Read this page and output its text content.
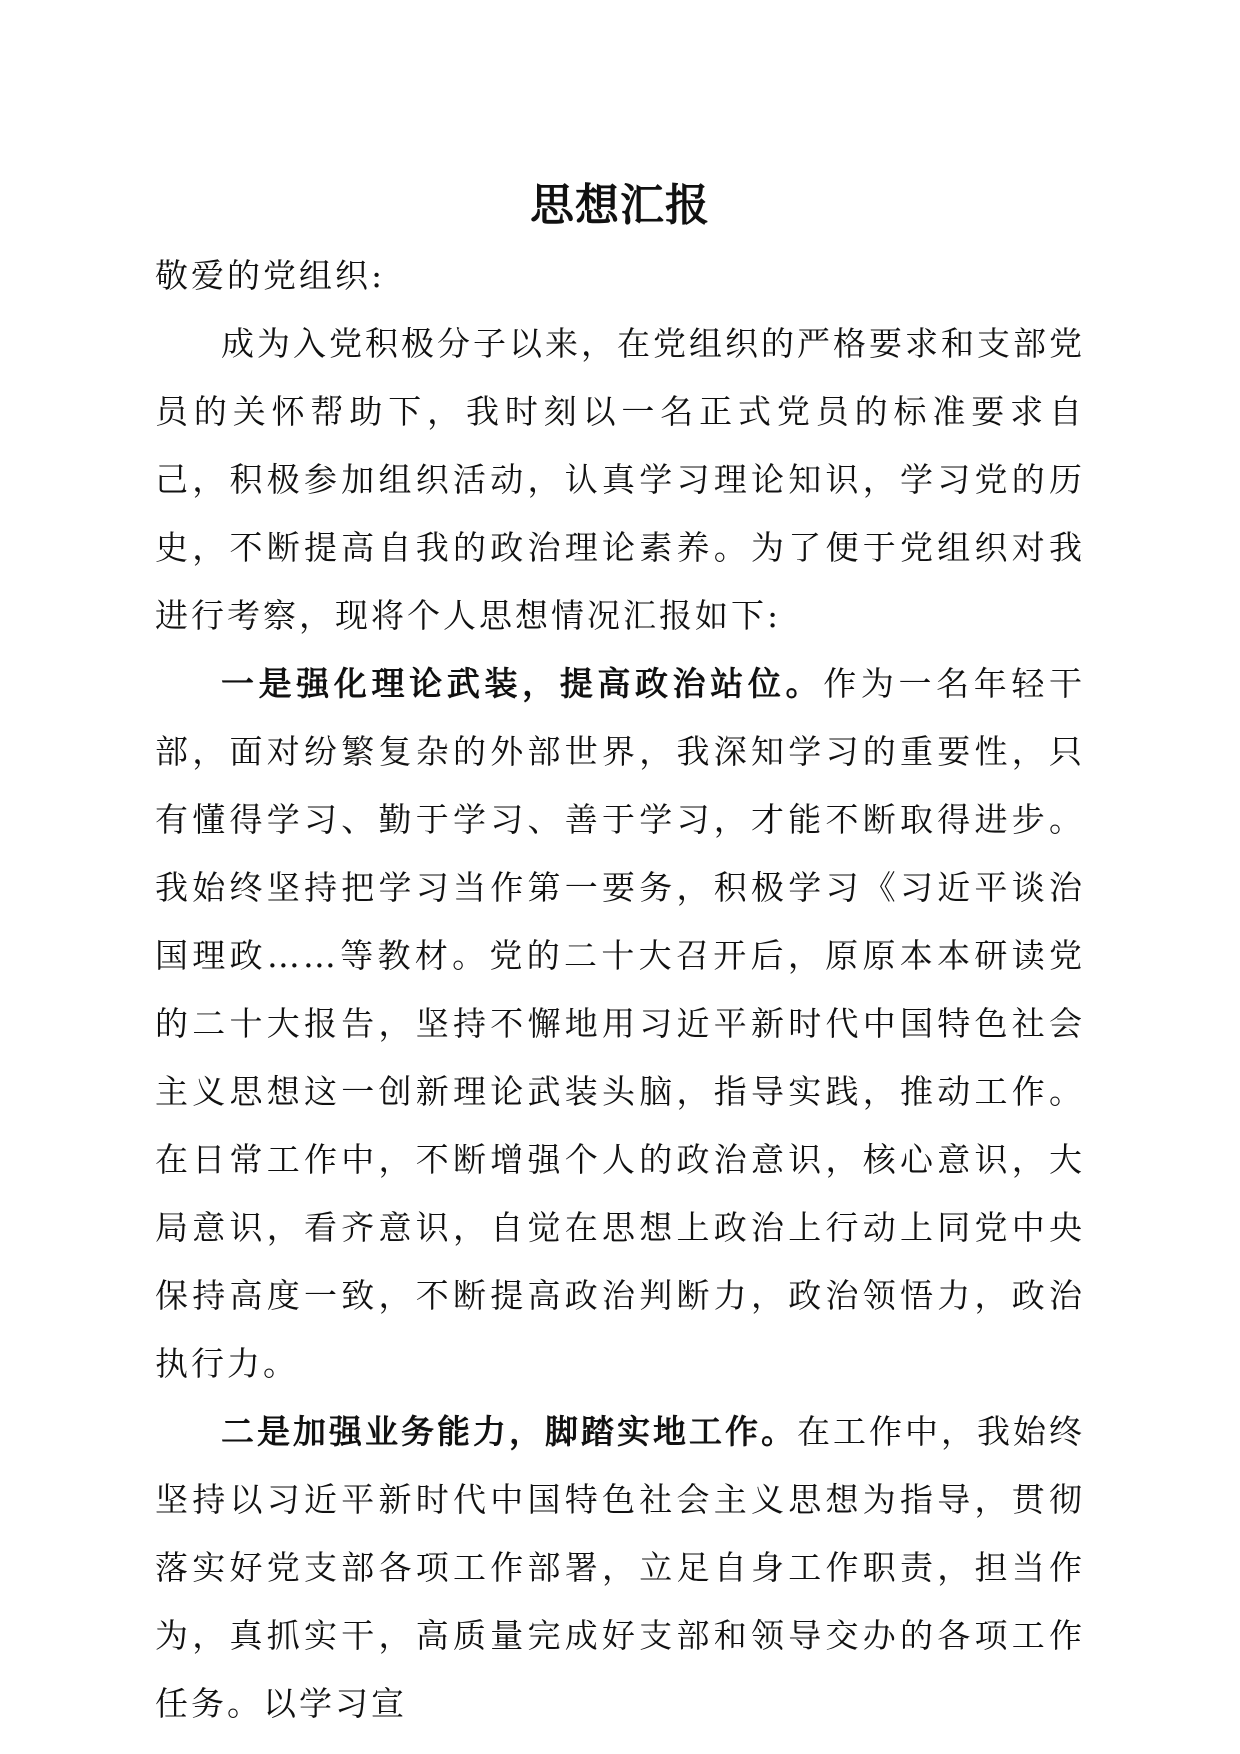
思想汇报

敬爱的党组织:

成为入党积极分子以来，在党组织的严格要求和支部党员的关怀帮助下，我时刻以一名正式党员的标准要求自己，积极参加组织活动，认真学习理论知识，学习党的历史，不断提高自我的政治理论素养。为了便于党组织对我进行考察，现将个人思想情况汇报如下:

一是强化理论武装，提高政治站位。作为一名年轻干部，面对纷繁复杂的外部世界，我深知学习的重要性，只有懂得学习、勤于学习、善于学习，才能不断取得进步。我始终坚持把学习当作第一要务，积极学习《习近平谈治国理政……等教材。党的二十大召开后，原原本本研读党的二十大报告，坚持不懈地用习近平新时代中国特色社会主义思想这一创新理论武装头脑，指导实践，推动工作。在日常工作中，不断增强个人的政治意识，核心意识，大局意识，看齐意识，自觉在思想上政治上行动上同党中央保持高度一致，不断提高政治判断力，政治领悟力，政治执行力。

二是加强业务能力，脚踏实地工作。在工作中，我始终坚持以习近平新时代中国特色社会主义思想为指导，贯彻落实好党支部各项工作部署，立足自身工作职责，担当作为，真抓实干，高质量完成好支部和领导交办的各项工作任务。以学习宣
